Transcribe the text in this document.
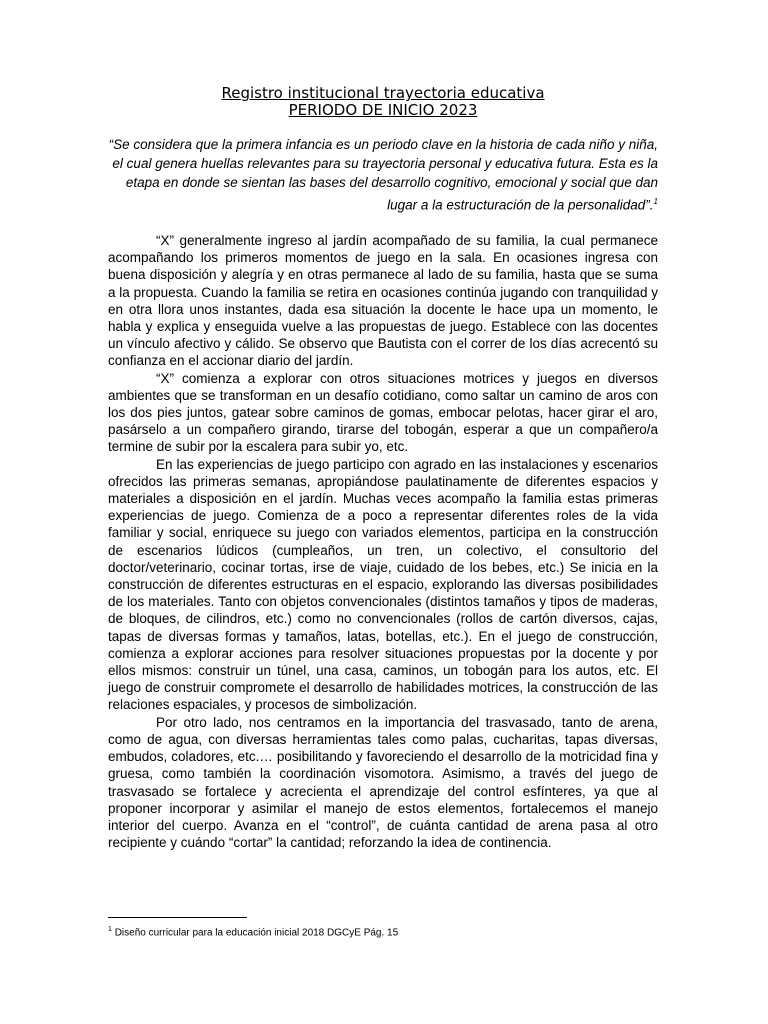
Registro institucional trayectoria educativa
PERIODO DE INICIO 2023

“Se considera que la primera infancia es un periodo clave en la historia de cada niño y niña, el cual genera huellas relevantes para su trayectoria personal y educativa futura. Esta es la etapa en donde se sientan las bases del desarrollo cognitivo, emocional y social que dan lugar a la estructuración de la personalidad”.$^1$

“X” generalmente ingreso al jardín acompañado de su familia, la cual permanece acompañando los primeros momentos de juego en la sala. En ocasiones ingresa con buena disposición y alegría y en otras permanece al lado de su familia, hasta que se suma a la propuesta. Cuando la familia se retira en ocasiones continúa jugando con tranquilidad y en otra llora unos instantes, dada esa situación la docente le hace upa un momento, le habla y explica y enseguida vuelve a las propuestas de juego. Establece con las docentes un vínculo afectivo y cálido. Se observo que Bautista con el correr de los días acrecentó su confianza en el accionar diario del jardín.

“X” comienza a explorar con otros situaciones motrices y juegos en diversos ambientes que se transforman en un desafío cotidiano, como saltar un camino de aros con los dos pies juntos, gatear sobre caminos de gomas, embocar pelotas, hacer girar el aro, pasárselo a un compañero girando, tirarse del tobogán, esperar a que un compañero/a termine de subir por la escalera para subir yo, etc.

En las experiencias de juego participo con agrado en las instalaciones y escenarios ofrecidos las primeras semanas, apropiándose paulatinamente de diferentes espacios y materiales a disposición en el jardín. Muchas veces acompaño la familia estas primeras experiencias de juego. Comienza de a poco a representar diferentes roles de la vida familiar y social, enriquece su juego con variados elementos, participa en la construcción de escenarios lúdicos (cumpleaños, un tren, un colectivo, el consultorio del doctor/veterinario, cocinar tortas, irse de viaje, cuidado de los bebes, etc.) Se inicia en la construcción de diferentes estructuras en el espacio, explorando las diversas posibilidades de los materiales. Tanto con objetos convencionales (distintos tamaños y tipos de maderas, de bloques, de cilindros, etc.) como no convencionales (rollos de cartón diversos, cajas, tapas de diversas formas y tamaños, latas, botellas, etc.). En el juego de construcción, comienza a explorar acciones para resolver situaciones propuestas por la docente y por ellos mismos: construir un túnel, una casa, caminos, un tobogán para los autos, etc. El juego de construir compromete el desarrollo de habilidades motrices, la construcción de las relaciones espaciales, y procesos de simbolización.

Por otro lado, nos centramos en la importancia del trasvasado, tanto de arena, como de agua, con diversas herramientas tales como palas, cucharitas, tapas diversas, embudos, coladores, etc.… posibilitando y favoreciendo el desarrollo de la motricidad fina y gruesa, como también la coordinación visomotora. Asimismo, a través del juego de trasvasado se fortalece y acrecienta el aprendizaje del control esfínteres, ya que al proponer incorporar y asimilar el manejo de estos elementos, fortalecemos el manejo interior del cuerpo. Avanza en el “control”, de cuánta cantidad de arena pasa al otro recipiente y cuándo “cortar” la cantidad; reforzando la idea de continencia.

$^1$ Diseño curricular para la educación inicial 2018 DGCyE Pág. 15
